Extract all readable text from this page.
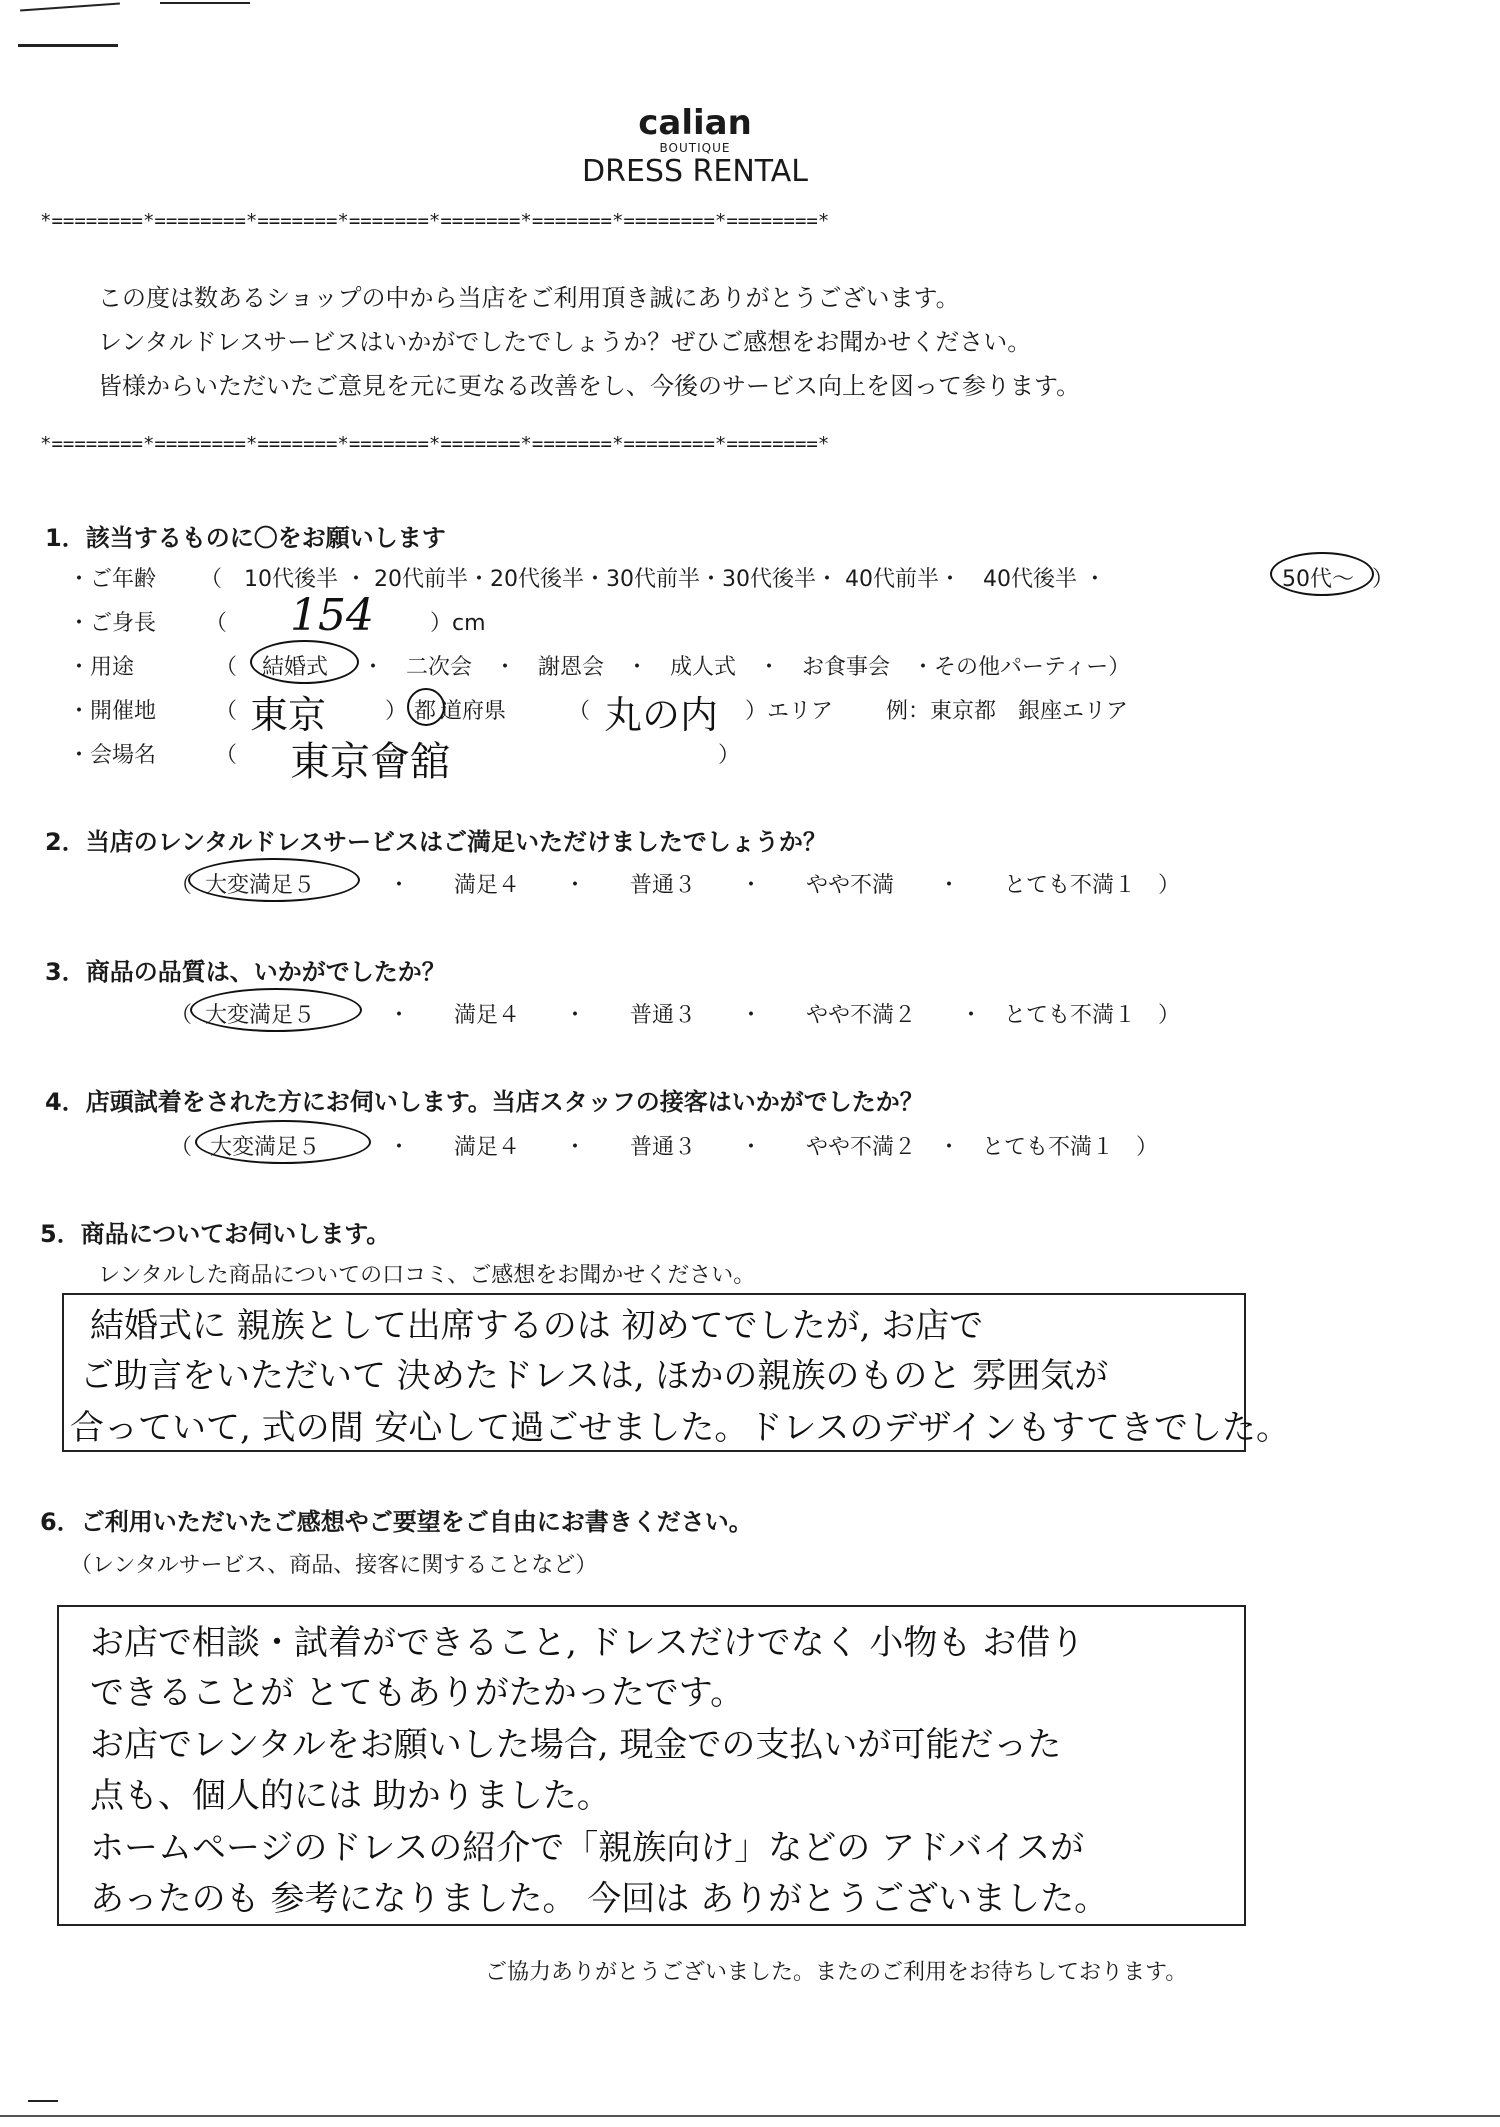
calian
BOUTIQUE
DRESS RENTAL
*========*========*=======*=======*=======*=======*========*========*
この度は数あるショップの中から当店をご利用頂き誠にありがとうございます。
レンタルドレスサービスはいかがでしたでしょうか？ぜひご感想をお聞かせください。
皆様からいただいたご意見を元に更なる改善をし、今後のサービス向上を図って参ります。
*========*========*=======*=======*=======*=======*========*========*
1．該当するものに〇をお願いします
・ご年齢 （　10代後半 ・ 20代前半・20代後半・30代前半・30代後半・ 40代前半・　40代後半 ・	50代〜 ）
・ご身長 （ 154	）cm
・用途	（ 結婚式 ・　二次会　・　謝恩会　・　成人式　・　お食事会　・その他パーティー）
・開催地	（ 東京	） 都 道府県	（ 丸の内 ）エリア 例：東京都　銀座エリア
・会場名	（ 東京會舘	）
2．当店のレンタルドレスサービスはご満足いただけましたでしょうか？
（ 大変満足５	・　　満足４　　・　　普通３　　・　　やや不満　　・　　とても不満１　）
3．商品の品質は、いかがでしたか？
（ 大変満足５	・　　満足４　　・　　普通３　　・　　やや不満２　　・　とても不満１　）
4．店頭試着をされた方にお伺いします。当店スタッフの接客はいかがでしたか？
（ 大変満足５	・　　満足４　　・　　普通３　　・　　やや不満２　・　とても不満１　）
5．商品についてお伺いします。
レンタルした商品についての口コミ、ご感想をお聞かせください。
結婚式に 親族として出席するのは 初めてでしたが, お店で
ご助言をいただいて 決めたドレスは, ほかの親族のものと 雰囲気が
合っていて, 式の間 安心して過ごせました。ドレスのデザインもすてきでした。
6．ご利用いただいたご感想やご要望をご自由にお書きください。
（レンタルサービス、商品、接客に関することなど）
お店で相談・試着ができること, ドレスだけでなく 小物も お借り
できることが とてもありがたかったです。
お店でレンタルをお願いした場合, 現金での支払いが可能だった
点も、個人的には 助かりました。
ホームページのドレスの紹介で「親族向け」などの アドバイスが
あったのも 参考になりました。 今回は ありがとうございました。
ご協力ありがとうございました。またのご利用をお待ちしております。
